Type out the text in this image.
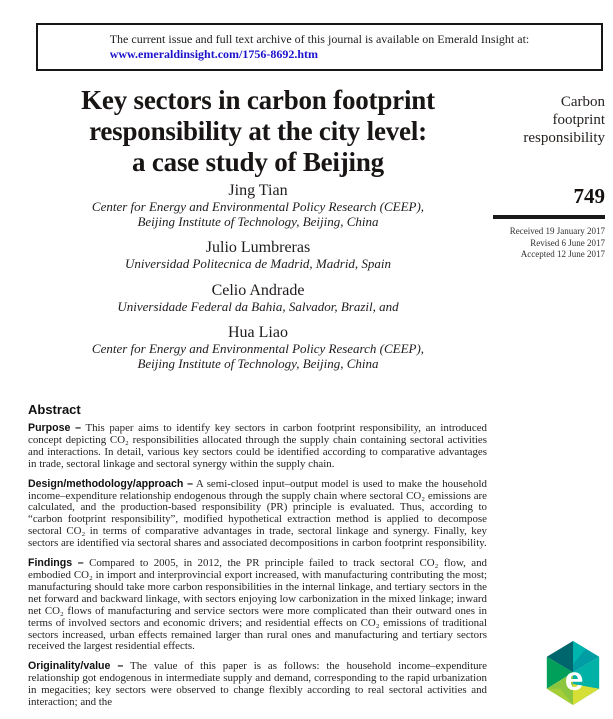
The current issue and full text archive of this journal is available on Emerald Insight at:
www.emeraldinsight.com/1756-8692.htm
Key sectors in carbon footprint
responsibility at the city level:
a case study of Beijing
Jing Tian
Center for Energy and Environmental Policy Research (CEEP),
Beijing Institute of Technology, Beijing, China
Julio Lumbreras
Universidad Politecnica de Madrid, Madrid, Spain
Celio Andrade
Universidade Federal da Bahia, Salvador, Brazil, and
Hua Liao
Center for Energy and Environmental Policy Research (CEEP),
Beijing Institute of Technology, Beijing, China
Carbon
footprint
responsibility
749
Received 19 January 2017
Revised 6 June 2017
Accepted 12 June 2017
Abstract

Purpose – This paper aims to identify key sectors in carbon footprint responsibility, an introduced concept depicting CO₂ responsibilities allocated through the supply chain containing sectoral activities and interactions. In detail, various key sectors could be identified according to comparative advantages in trade, sectoral linkage and sectoral synergy within the supply chain.

Design/methodology/approach – A semi-closed input–output model is used to make the household income–expenditure relationship endogenous through the supply chain where sectoral CO₂ emissions are calculated, and the production-based responsibility (PR) principle is evaluated. Thus, according to “carbon footprint responsibility”, modified hypothetical extraction method is applied to decompose sectoral CO₂ in terms of comparative advantages in trade, sectoral linkage and synergy. Finally, key sectors are identified via sectoral shares and associated decompositions in carbon footprint responsibility.

Findings – Compared to 2005, in 2012, the PR principle failed to track sectoral CO₂ flow, and embodied CO₂ in import and interprovincial export increased, with manufacturing contributing the most; manufacturing should take more carbon responsibilities in the internal linkage, and tertiary sectors in the net forward and backward linkage, with sectors enjoying low carbonization in the mixed linkage; inward net CO₂ flows of manufacturing and service sectors were more complicated than their outward ones in terms of involved sectors and economic drivers; and residential effects on CO₂ emissions of traditional sectors increased, urban effects remained larger than rural ones and manufacturing and tertiary sectors received the largest residential effects.

Originality/value – The value of this paper is as follows: the household income–expenditure relationship got endogenous in intermediate supply and demand, corresponding to the rapid urbanization in megacities; key sectors were observed to change flexibly according to real sectoral activities and interaction; and the

e
